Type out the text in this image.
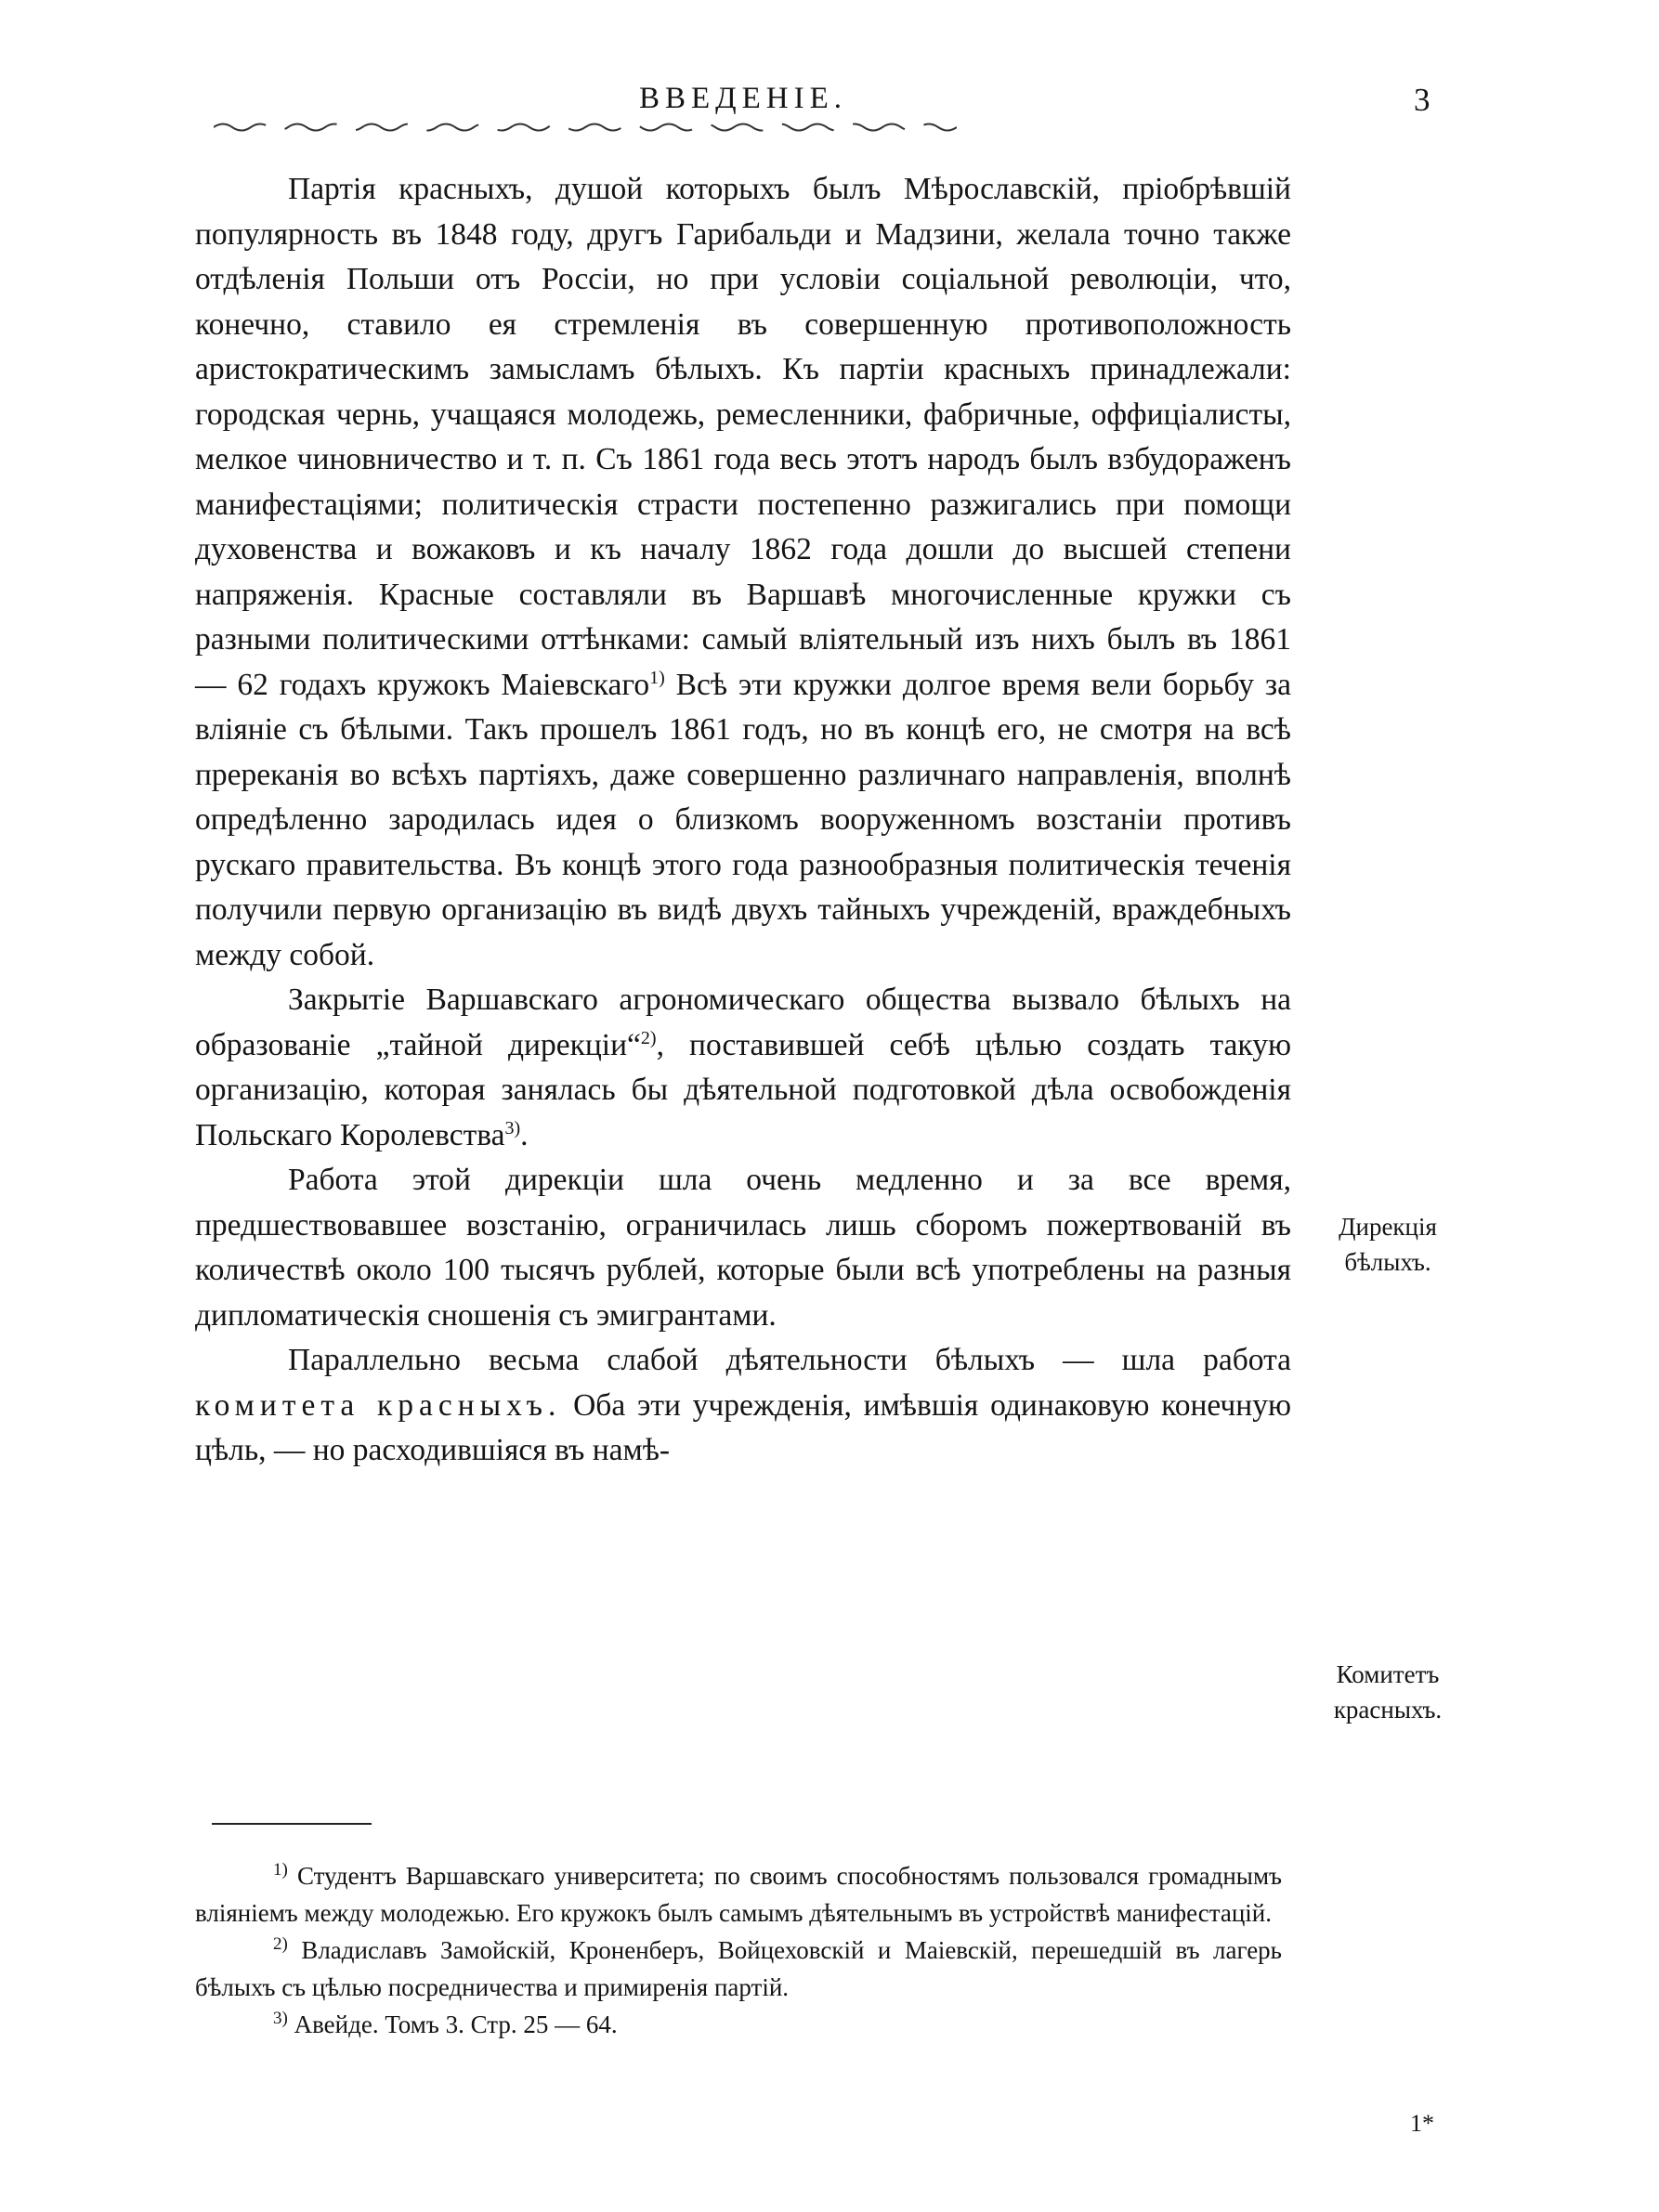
ВВЕДЕНІЕ.	3

Партія красныхъ, душой которыхъ былъ Мѣрославскій, пріобрѣвшій популярность въ 1848 году, другъ Гарибальди и Мадзини, желала точно также отдѣленія Польши отъ Россіи, но при условіи соціальной революціи, что, конечно, ставило ея стремленія въ совершенную противоположность аристократическимъ замысламъ бѣлыхъ. Къ партіи красныхъ принадлежали: городская чернь, учащаяся молодежь, ремесленники, фабричные, оффиціалисты, мелкое чиновничество и т. п. Съ 1861 года весь этотъ народъ былъ взбудораженъ манифестаціями; политическія страсти постепенно разжигались при помощи духовенства и вожаковъ и къ началу 1862 года дошли до высшей степени напряженія. Красные составляли въ Варшавѣ многочисленные кружки съ разными политическими оттѣнками: самый вліятельный изъ нихъ былъ въ 1861 — 62 годахъ кружокъ Маіевскаго$^{1)}$ Всѣ эти кружки долгое время вели борьбу за вліяніе съ бѣлыми. Такъ прошелъ 1861 годъ, но въ концѣ его, не смотря на всѣ пререканія во всѣхъ партіяхъ, даже совершенно различнаго направленія, вполнѣ опредѣленно зародилась идея о близкомъ вооруженномъ возстаніи противъ рускаго правительства. Въ концѣ этого года разнообразныя политическія теченія получили первую организацію въ видѣ двухъ тайныхъ учрежденій, враждебныхъ между собой.

Закрытіе Варшавскаго агрономическаго общества вызвало бѣлыхъ на образованіе „тайной дирекціи“$^{2)}$, поставившей себѣ цѣлью создать такую организацію, которая занялась бы дѣятельной подготовкой дѣла освобожденія Польскаго Королевства$^{3)}$.

Работа этой дирекціи шла очень медленно и за все время, предшествовавшее возстанію, ограничилась лишь сборомъ пожертвованій въ количествѣ около 100 тысячъ рублей, которые были всѣ употреблены на разныя дипломатическія сношенія съ эмигрантами.

Параллельно весьма слабой дѣятельности бѣлыхъ — шла работа комитета красныхъ. Оба эти учрежденія, имѣвшія одинаковую конечную цѣль, — но расходившіяся въ намѣ-

Дирекція
бѣлыхъ.
Комитетъ
красныхъ.

$^{1)}$ Студентъ Варшавскаго университета; по своимъ способностямъ пользовался громаднымъ вліяніемъ между молодежью. Его кружокъ былъ самымъ дѣятельнымъ въ устройствѣ манифестацій.

$^{2)}$ Владиславъ Замойскій, Кроненберъ, Войцеховскій и Маіевскій, перешедшій въ лагерь бѣлыхъ съ цѣлью посредничества и примиренія партій.

$^{3)}$ Авейде. Томъ 3. Стр. 25 — 64.

1*
